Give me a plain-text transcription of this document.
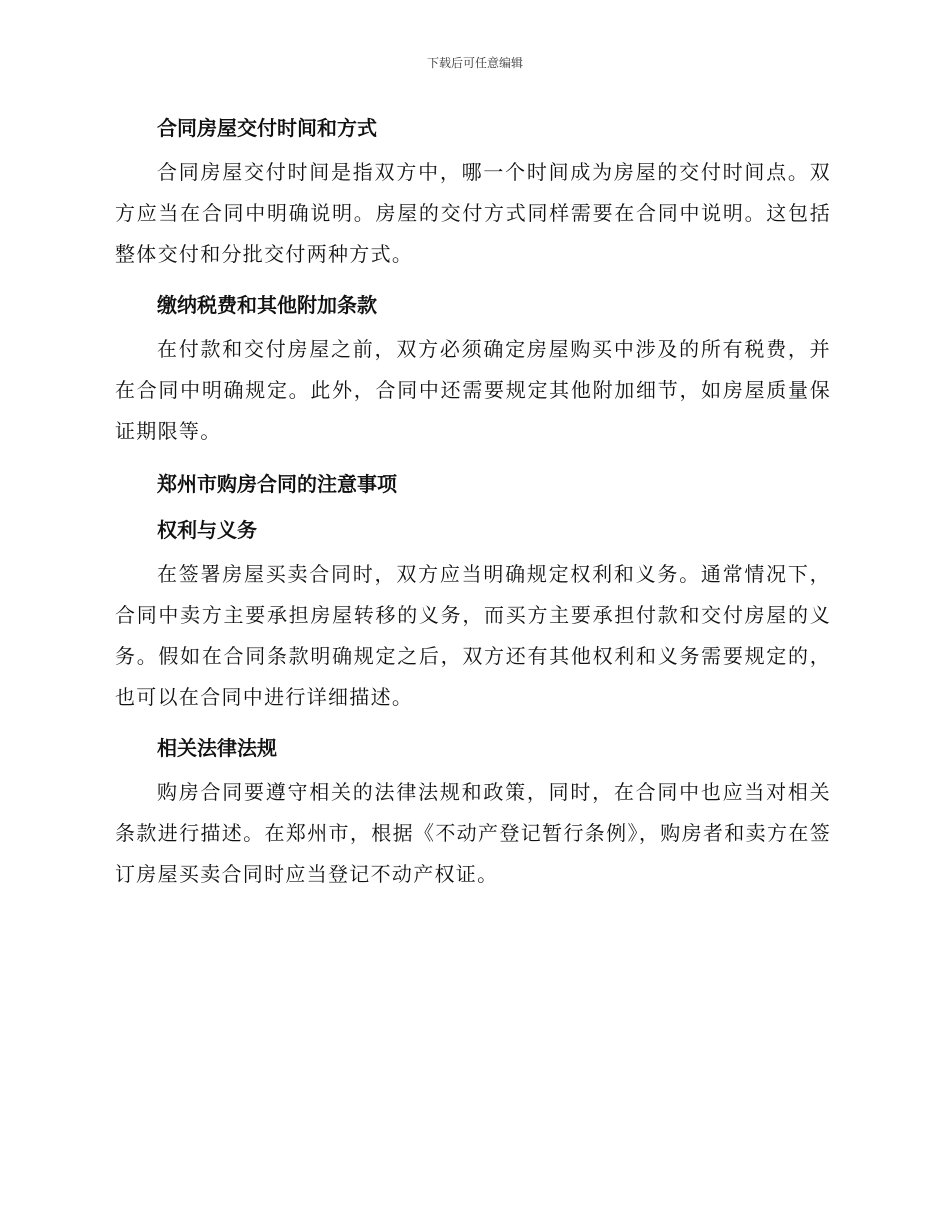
下载后可任意编辑
合同房屋交付时间和方式

合同房屋交付时间是指双方中，哪一个时间成为房屋的交付时间点。双方应当在合同中明确说明。房屋的交付方式同样需要在合同中说明。这包括整体交付和分批交付两种方式。

缴纳税费和其他附加条款

在付款和交付房屋之前，双方必须确定房屋购买中涉及的所有税费，并在合同中明确规定。此外，合同中还需要规定其他附加细节，如房屋质量保证期限等。

郑州市购房合同的注意事项
权利与义务

在签署房屋买卖合同时，双方应当明确规定权利和义务。通常情况下，合同中卖方主要承担房屋转移的义务，而买方主要承担付款和交付房屋的义务。假如在合同条款明确规定之后，双方还有其他权利和义务需要规定的，也可以在合同中进行详细描述。

相关法律法规

购房合同要遵守相关的法律法规和政策，同时，在合同中也应当对相关条款进行描述。在郑州市，根据《不动产登记暂行条例》，购房者和卖方在签订房屋买卖合同时应当登记不动产权证。
